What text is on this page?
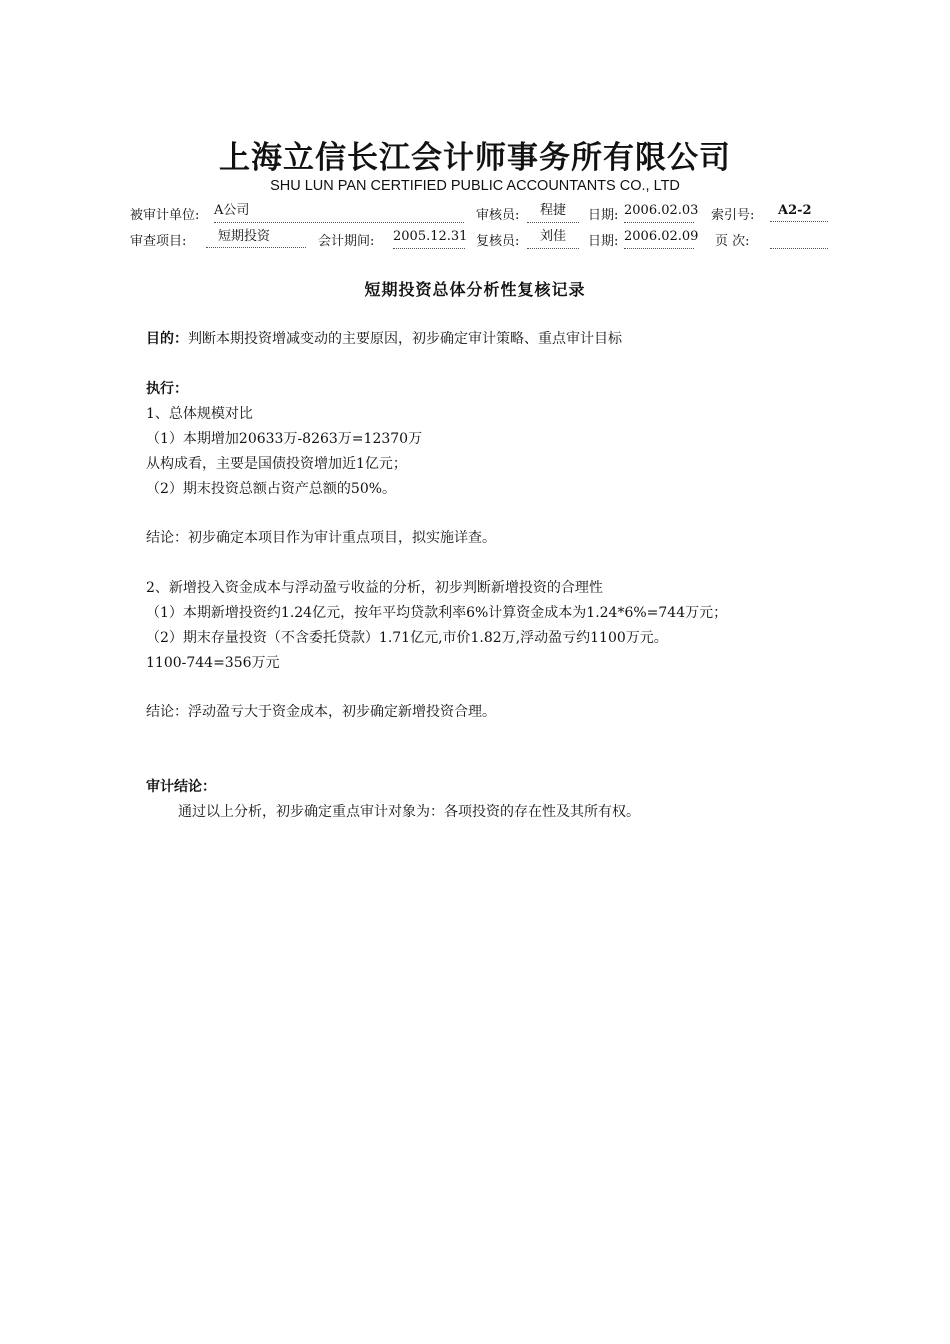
上海立信长江会计师事务所有限公司
SHU LUN PAN CERTIFIED PUBLIC ACCOUNTANTS CO., LTD
被审计单位: A公司	审核员:	程捷	日期: 2006.02.03 索引号:	A2-2
审查项目:	短期投资	会计期间: 2005.12.31 复核员:	刘佳	日期: 2006.02.09 页 次:
短期投资总体分析性复核记录
目的：判断本期投资增减变动的主要原因，初步确定审计策略、重点审计目标
执行：
1、总体规模对比
（1）本期增加20633万-8263万=12370万
从构成看，主要是国债投资增加近1亿元；
（2）期末投资总额占资产总额的50%。
结论：初步确定本项目作为审计重点项目，拟实施详查。
2、新增投入资金成本与浮动盈亏收益的分析，初步判断新增投资的合理性
（1）本期新增投资约1.24亿元，按年平均贷款利率6%计算资金成本为1.24*6%=744万元；
（2）期末存量投资（不含委托贷款）1.71亿元,市价1.82万,浮动盈亏约1100万元。
1100-744=356万元
结论：浮动盈亏大于资金成本，初步确定新增投资合理。
审计结论：
通过以上分析，初步确定重点审计对象为：各项投资的存在性及其所有权。
